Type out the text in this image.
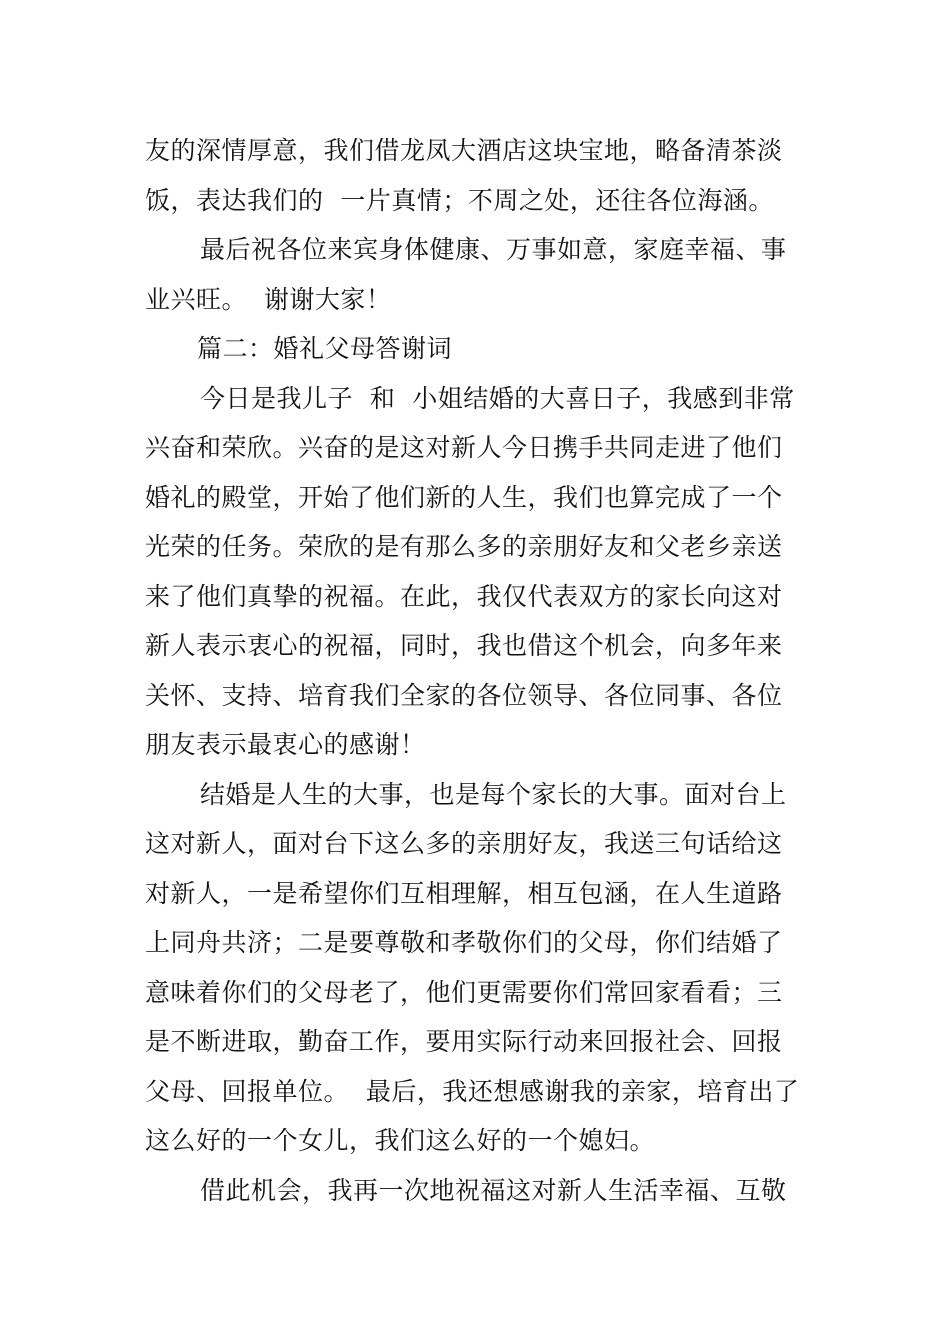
友的深情厚意，我们借龙凤大酒店这块宝地，略备清茶淡
饭，表达我们的  一片真情；不周之处，还往各位海涵。
最后祝各位来宾身体健康、万事如意，家庭幸福、事
业兴旺。  谢谢大家！
篇二：婚礼父母答谢词
今日是我儿子  和  小姐结婚的大喜日子，我感到非常
兴奋和荣欣。兴奋的是这对新人今日携手共同走进了他们
婚礼的殿堂，开始了他们新的人生，我们也算完成了一个
光荣的任务。荣欣的是有那么多的亲朋好友和父老乡亲送
来了他们真挚的祝福。在此，我仅代表双方的家长向这对
新人表示衷心的祝福，同时，我也借这个机会，向多年来
关怀、支持、培育我们全家的各位领导、各位同事、各位
朋友表示最衷心的感谢！
结婚是人生的大事，也是每个家长的大事。面对台上
这对新人，面对台下这么多的亲朋好友，我送三句话给这
对新人，一是希望你们互相理解，相互包涵，在人生道路
上同舟共济；二是要尊敬和孝敬你们的父母，你们结婚了
意味着你们的父母老了，他们更需要你们常回家看看；三
是不断进取，勤奋工作，要用实际行动来回报社会、回报
父母、回报单位。  最后，我还想感谢我的亲家，培育出了
这么好的一个女儿，我们这么好的一个媳妇。
借此机会，我再一次地祝福这对新人生活幸福、互敬
